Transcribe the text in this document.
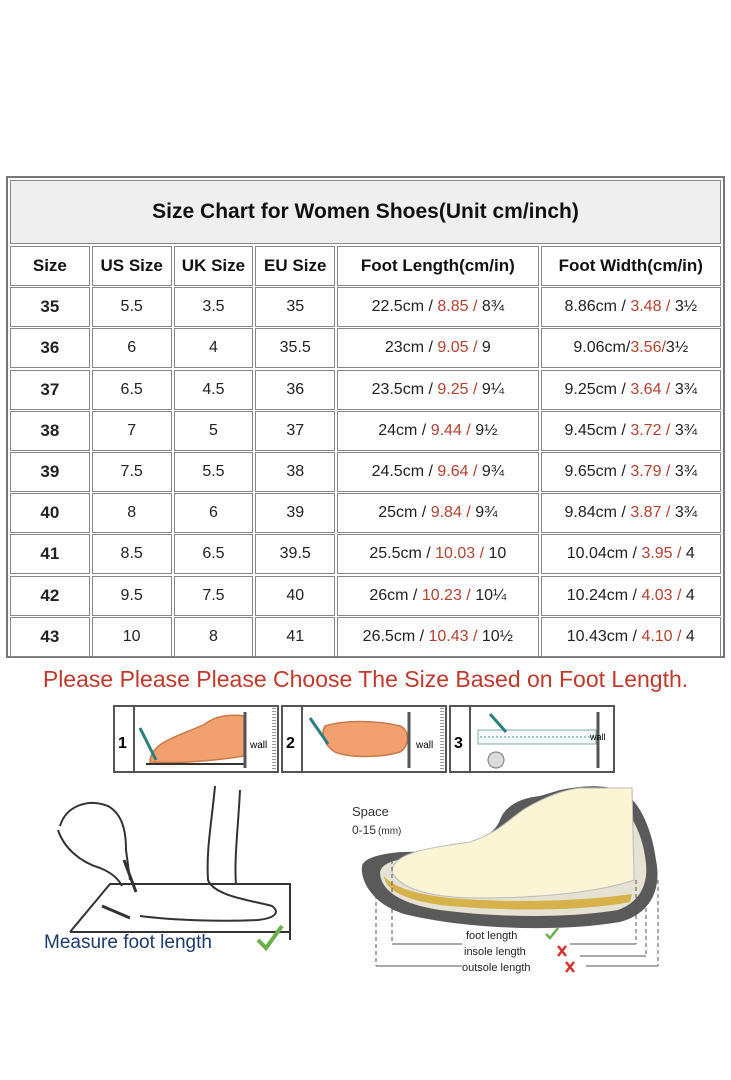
Size Chart for Women Shoes(Unit cm/inch)
Size	US Size	UK Size	EU Size	Foot Length(cm/in)	Foot Width(cm/in)
35	5.5	3.5	35	22.5cm / 8.85 / 8¾	8.86cm / 3.48 / 3½
36	6	4	35.5	23cm / 9.05 / 9	9.06cm/ 3.56/ 3½
37	6.5	4.5	36	23.5cm / 9.25 / 9¼	9.25cm / 3.64 / 3¾
38	7	5	37	24cm / 9.44 / 9½	9.45cm / 3.72 / 3¾
39	7.5	5.5	38	24.5cm / 9.64 / 9¾	9.65cm / 3.79 / 3¾
40	8	6	39	25cm / 9.84 / 9¾	9.84cm / 3.87 / 3¾
41	8.5	6.5	39.5	25.5cm / 10.03 / 10	10.04cm / 3.95 / 4
42	9.5	7.5	40	26cm / 10.23 / 10¼	10.24cm / 4.03 / 4
43	10	8	41	26.5cm / 10.43 / 10½	10.43cm / 4.10 / 4
Please Please Please Choose The Size Based on Foot Length.
1	wall 2	wall 3	wall
Measure foot length
Space
0-15 (mm)
foot length
insole length
outsole length
